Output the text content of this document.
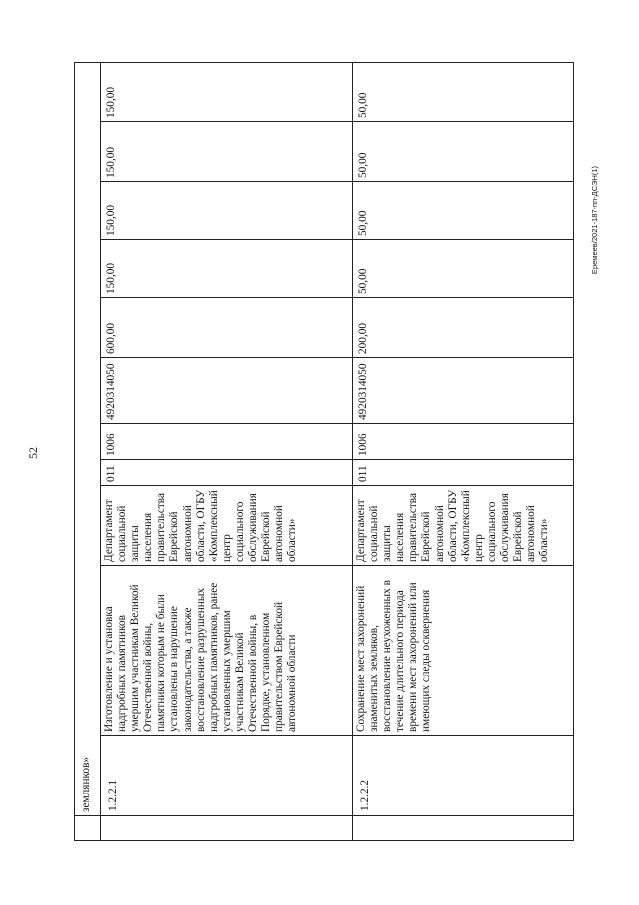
52
Еремеев/2021-187-пп-ДСЭН(1)
землянков»	1.2.2.1
Изготовление и установка надгробных памятников умершим участникам Великой Отечественной войны, памятники которым не были установлены в нарушение законодательства, а также восстановление разрушенных надгробных памятников, ранее установленных умершим участникам Великой Отечественной войны, в Порядке, установленном правительством Еврейской автономной области
Департамент социальной защиты населения правительства Еврейской автономной области, ОГБУ «Комплексный центр социального обслуживания Еврейской автономной области»
011
1006
4920314050
600,00
150,00
150,00
150,00
150,00
1.2.2.2
Сохранение мест захоронений знаменитых земляков, восстановление неухоженных в течение длительного периода времени мест захоронений или имеющих следы осквернения
Департамент социальной защиты населения правительства Еврейской автономной области, ОГБУ «Комплексный центр социального обслуживания Еврейской автономной области»
011
1006
4920314050
200,00
50,00
50,00
50,00
50,00
